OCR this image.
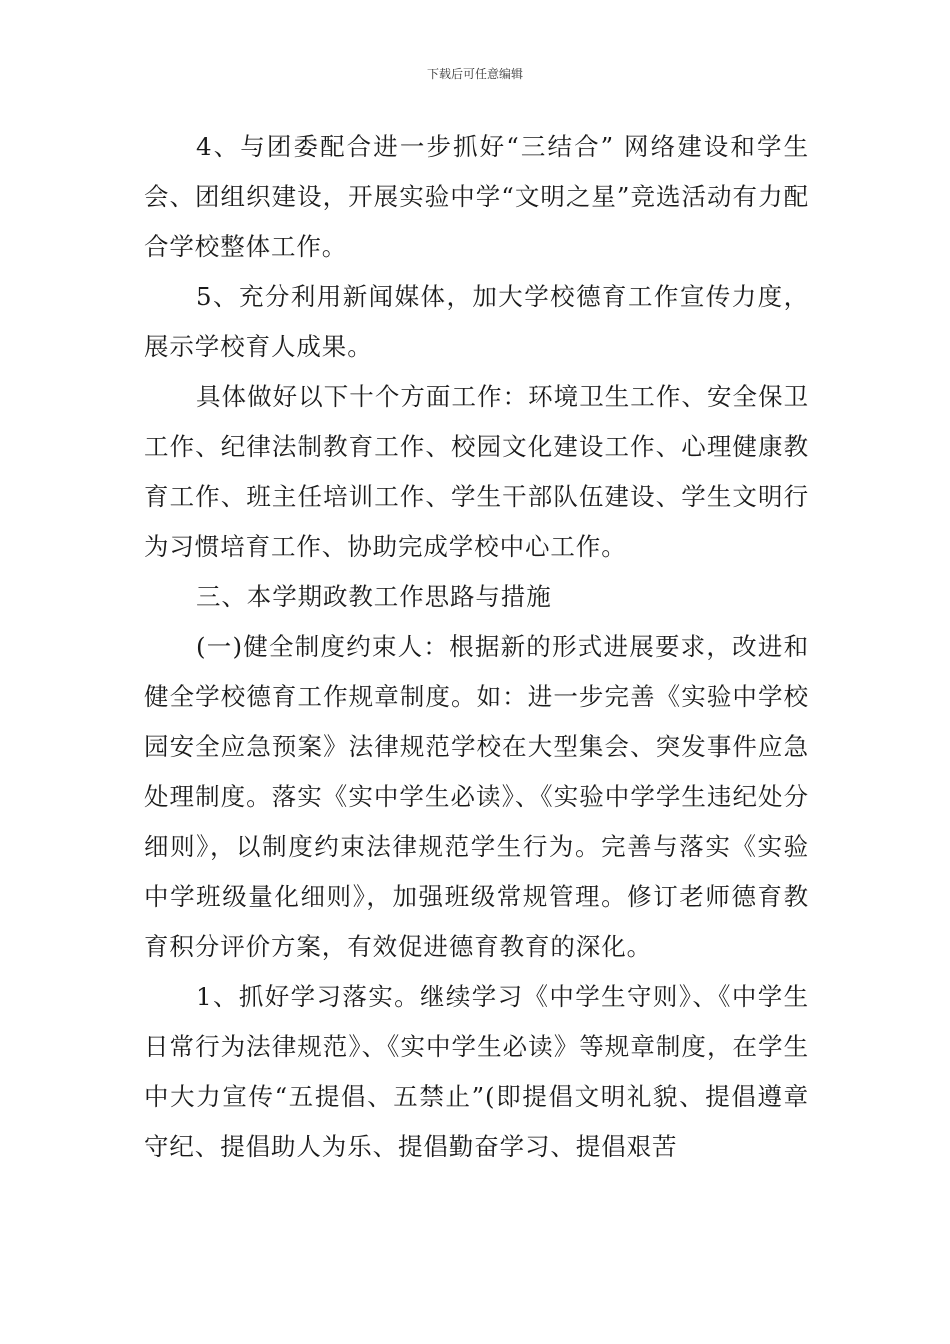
下载后可任意编辑

4、与团委配合进一步抓好“三结合” 网络建设和学生会、团组织建设，开展实验中学“文明之星”竞选活动有力配合学校整体工作。

5、充分利用新闻媒体，加大学校德育工作宣传力度，展示学校育人成果。

具体做好以下十个方面工作：环境卫生工作、安全保卫工作、纪律法制教育工作、校园文化建设工作、心理健康教育工作、班主任培训工作、学生干部队伍建设、学生文明行为习惯培育工作、协助完成学校中心工作。

三、本学期政教工作思路与措施

(一)健全制度约束人：根据新的形式进展要求，改进和健全学校德育工作规章制度。如：进一步完善《实验中学校园安全应急预案》法律规范学校在大型集会、突发事件应急处理制度。落实《实中学生必读》、《实验中学学生违纪处分细则》，以制度约束法律规范学生行为。完善与落实《实验中学班级量化细则》，加强班级常规管理。修订老师德育教育积分评价方案，有效促进德育教育的深化。

1、抓好学习落实。继续学习《中学生守则》、《中学生日常行为法律规范》、《实中学生必读》等规章制度，在学生中大力宣传“五提倡、五禁止”(即提倡文明礼貌、提倡遵章守纪、提倡助人为乐、提倡勤奋学习、提倡艰苦
